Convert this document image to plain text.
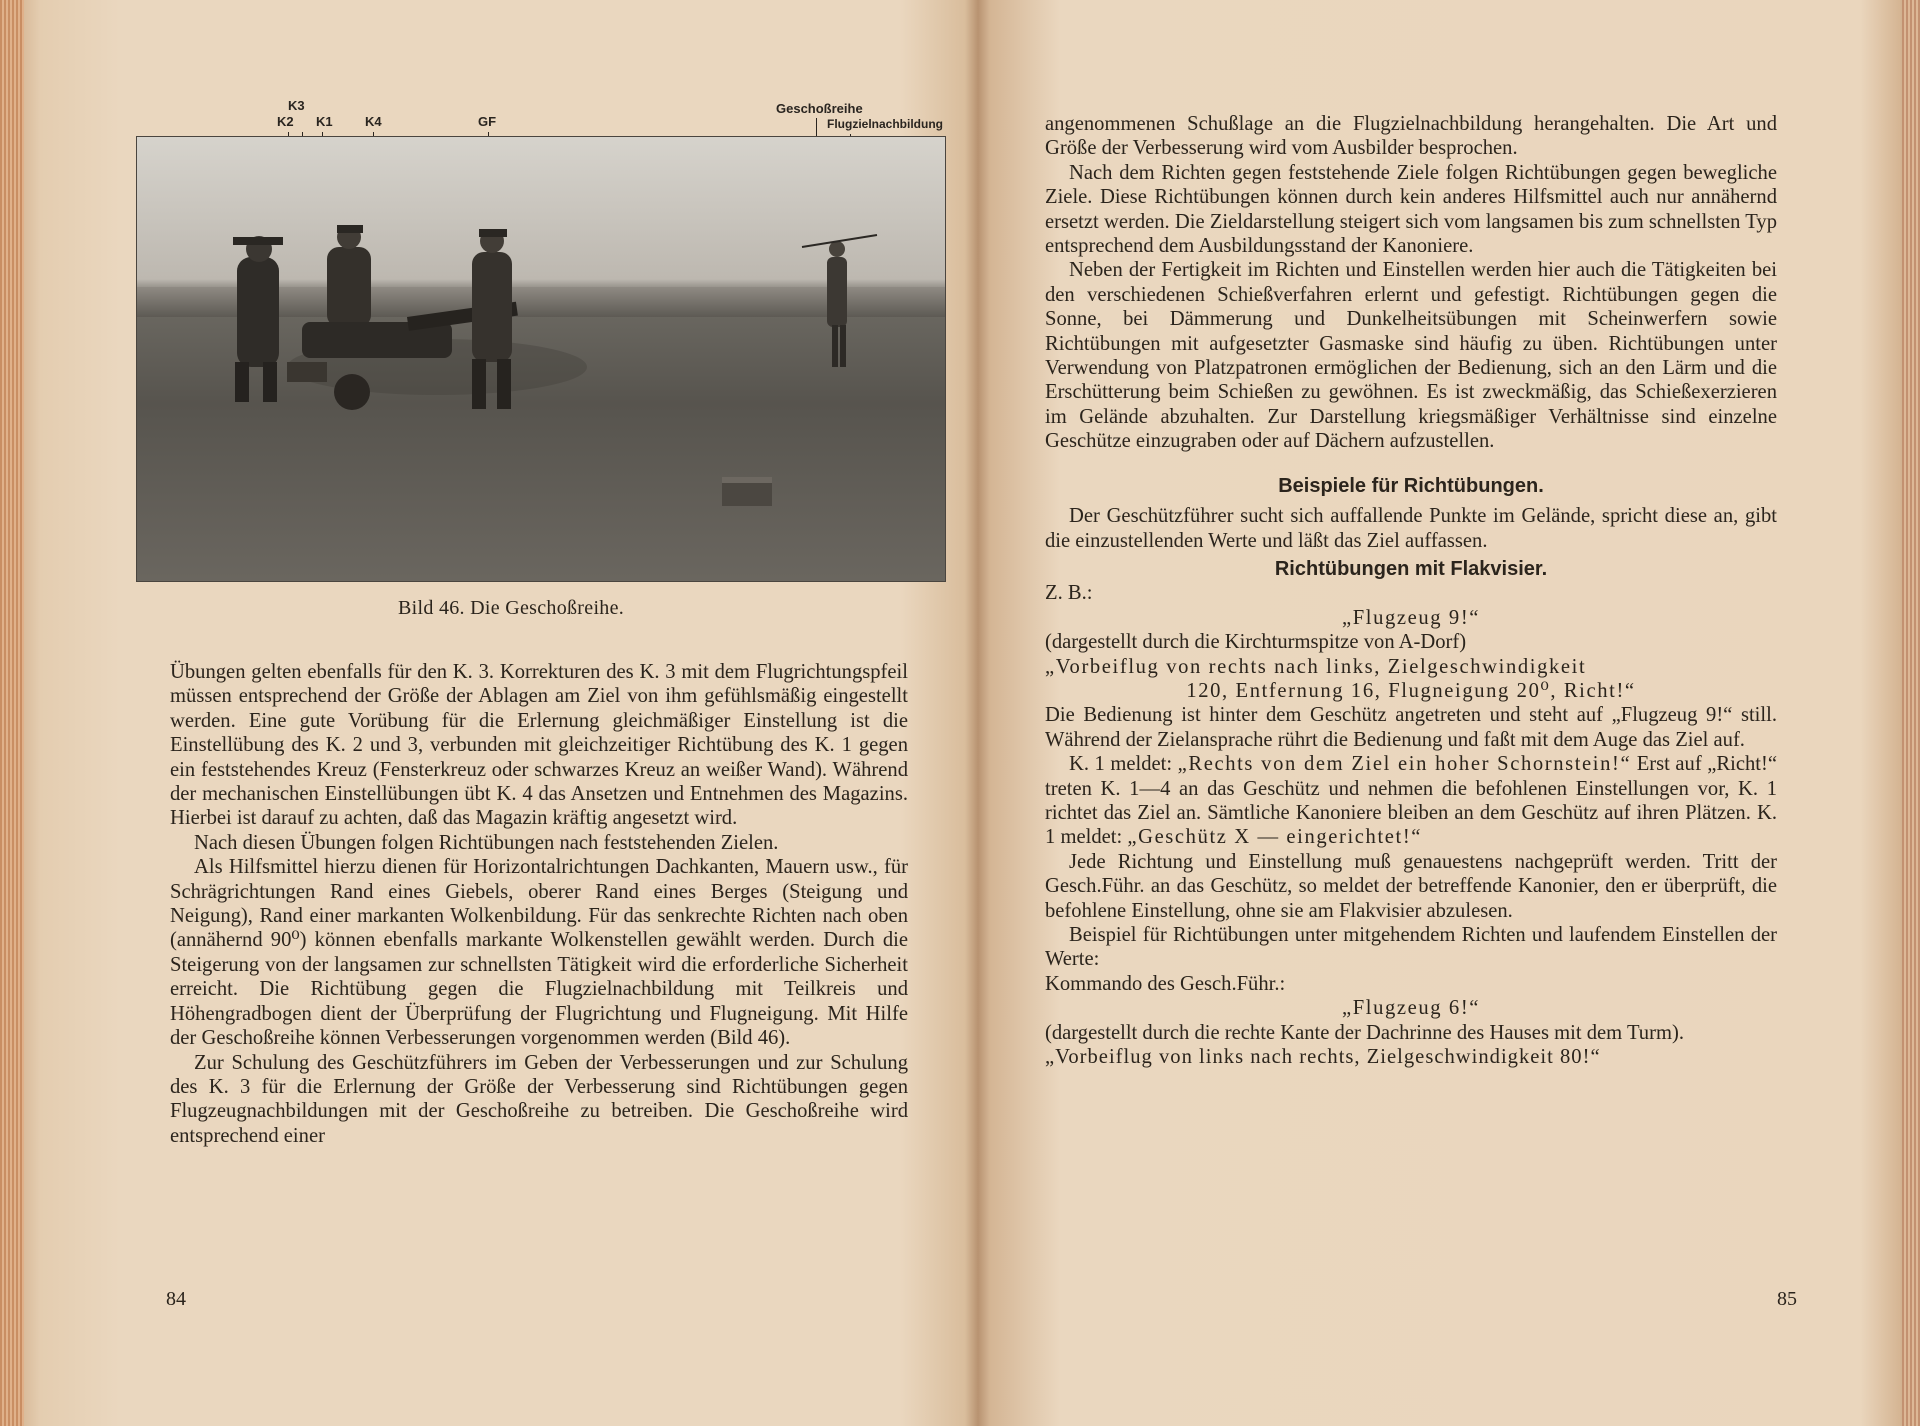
K3
K2 K1 K4	GF
Geschoßreihe
Flugzielnachbildung
Bild 46. Die Geschoßreihe.

Übungen gelten ebenfalls für den K. 3. Korrekturen des K. 3 mit dem Flugrichtungspfeil müssen entsprechend der Größe der Ablagen am Ziel von ihm gefühlsmäßig eingestellt werden. Eine gute Vorübung für die Erlernung gleichmäßiger Einstellung ist die Einstellübung des K. 2 und 3, verbunden mit gleichzeitiger Richtübung des K. 1 gegen ein feststehendes Kreuz (Fensterkreuz oder schwarzes Kreuz an weißer Wand). Während der mechanischen Einstellübungen übt K. 4 das Ansetzen und Entnehmen des Magazins. Hierbei ist darauf zu achten, daß das Magazin kräftig angesetzt wird.

Nach diesen Übungen folgen Richtübungen nach feststehenden Zielen.

Als Hilfsmittel hierzu dienen für Horizontalrichtungen Dachkanten, Mauern usw., für Schrägrichtungen Rand eines Giebels, oberer Rand eines Berges (Steigung und Neigung), Rand einer markanten Wolkenbildung. Für das senkrechte Richten nach oben (annähernd 90⁰) können ebenfalls markante Wolkenstellen gewählt werden. Durch die Steigerung von der langsamen zur schnellsten Tätigkeit wird die erforderliche Sicherheit erreicht. Die Richtübung gegen die Flugzielnachbildung mit Teilkreis und Höhengradbogen dient der Überprüfung der Flugrichtung und Flugneigung. Mit Hilfe der Geschoßreihe können Verbesserungen vorgenommen werden (Bild 46).

Zur Schulung des Geschützführers im Geben der Verbesserungen und zur Schulung des K. 3 für die Erlernung der Größe der Verbesserung sind Richtübungen gegen Flugzeugnachbildungen mit der Geschoßreihe zu betreiben. Die Geschoßreihe wird entsprechend einer

84

angenommenen Schußlage an die Flugzielnachbildung herangehalten. Die Art und Größe der Verbesserung wird vom Ausbilder besprochen.

Nach dem Richten gegen feststehende Ziele folgen Richtübungen gegen bewegliche Ziele. Diese Richtübungen können durch kein anderes Hilfsmittel auch nur annähernd ersetzt werden. Die Zieldarstellung steigert sich vom langsamen bis zum schnellsten Typ entsprechend dem Ausbildungsstand der Kanoniere.

Neben der Fertigkeit im Richten und Einstellen werden hier auch die Tätigkeiten bei den verschiedenen Schießverfahren erlernt und gefestigt. Richtübungen gegen die Sonne, bei Dämmerung und Dunkelheitsübungen mit Scheinwerfern sowie Richtübungen mit aufgesetzter Gasmaske sind häufig zu üben. Richtübungen unter Verwendung von Platzpatronen ermöglichen der Bedienung, sich an den Lärm und die Erschütterung beim Schießen zu gewöhnen. Es ist zweckmäßig, das Schießexerzieren im Gelände abzuhalten. Zur Darstellung kriegsmäßiger Verhältnisse sind einzelne Geschütze einzugraben oder auf Dächern aufzustellen.

Beispiele für Richtübungen.

Der Geschützführer sucht sich auffallende Punkte im Gelände, spricht diese an, gibt die einzustellenden Werte und läßt das Ziel auffassen.

Richtübungen mit Flakvisier.

Z. B.:

„Flugzeug 9!“

(dargestellt durch die Kirchturmspitze von A-Dorf)

„Vorbeiflug von rechts nach links, Zielgeschwindigkeit

120, Entfernung 16, Flugneigung 20⁰, Richt!“

Die Bedienung ist hinter dem Geschütz angetreten und steht auf „Flugzeug 9!“ still. Während der Zielansprache rührt die Bedienung und faßt mit dem Auge das Ziel auf.

K. 1 meldet: „Rechts von dem Ziel ein hoher Schornstein!“ Erst auf „Richt!“ treten K. 1—4 an das Geschütz und nehmen die befohlenen Einstellungen vor, K. 1 richtet das Ziel an. Sämtliche Kanoniere bleiben an dem Geschütz auf ihren Plätzen. K. 1 meldet: „Geschütz X — eingerichtet!“

Jede Richtung und Einstellung muß genauestens nachgeprüft werden. Tritt der Gesch.Führ. an das Geschütz, so meldet der betreffende Kanonier, den er überprüft, die befohlene Einstellung, ohne sie am Flakvisier abzulesen.

Beispiel für Richtübungen unter mitgehendem Richten und laufendem Einstellen der Werte:

Kommando des Gesch.Führ.:

„Flugzeug 6!“

(dargestellt durch die rechte Kante der Dachrinne des Hauses mit dem Turm).

„Vorbeiflug von links nach rechts, Zielgeschwindigkeit 80!“

85
